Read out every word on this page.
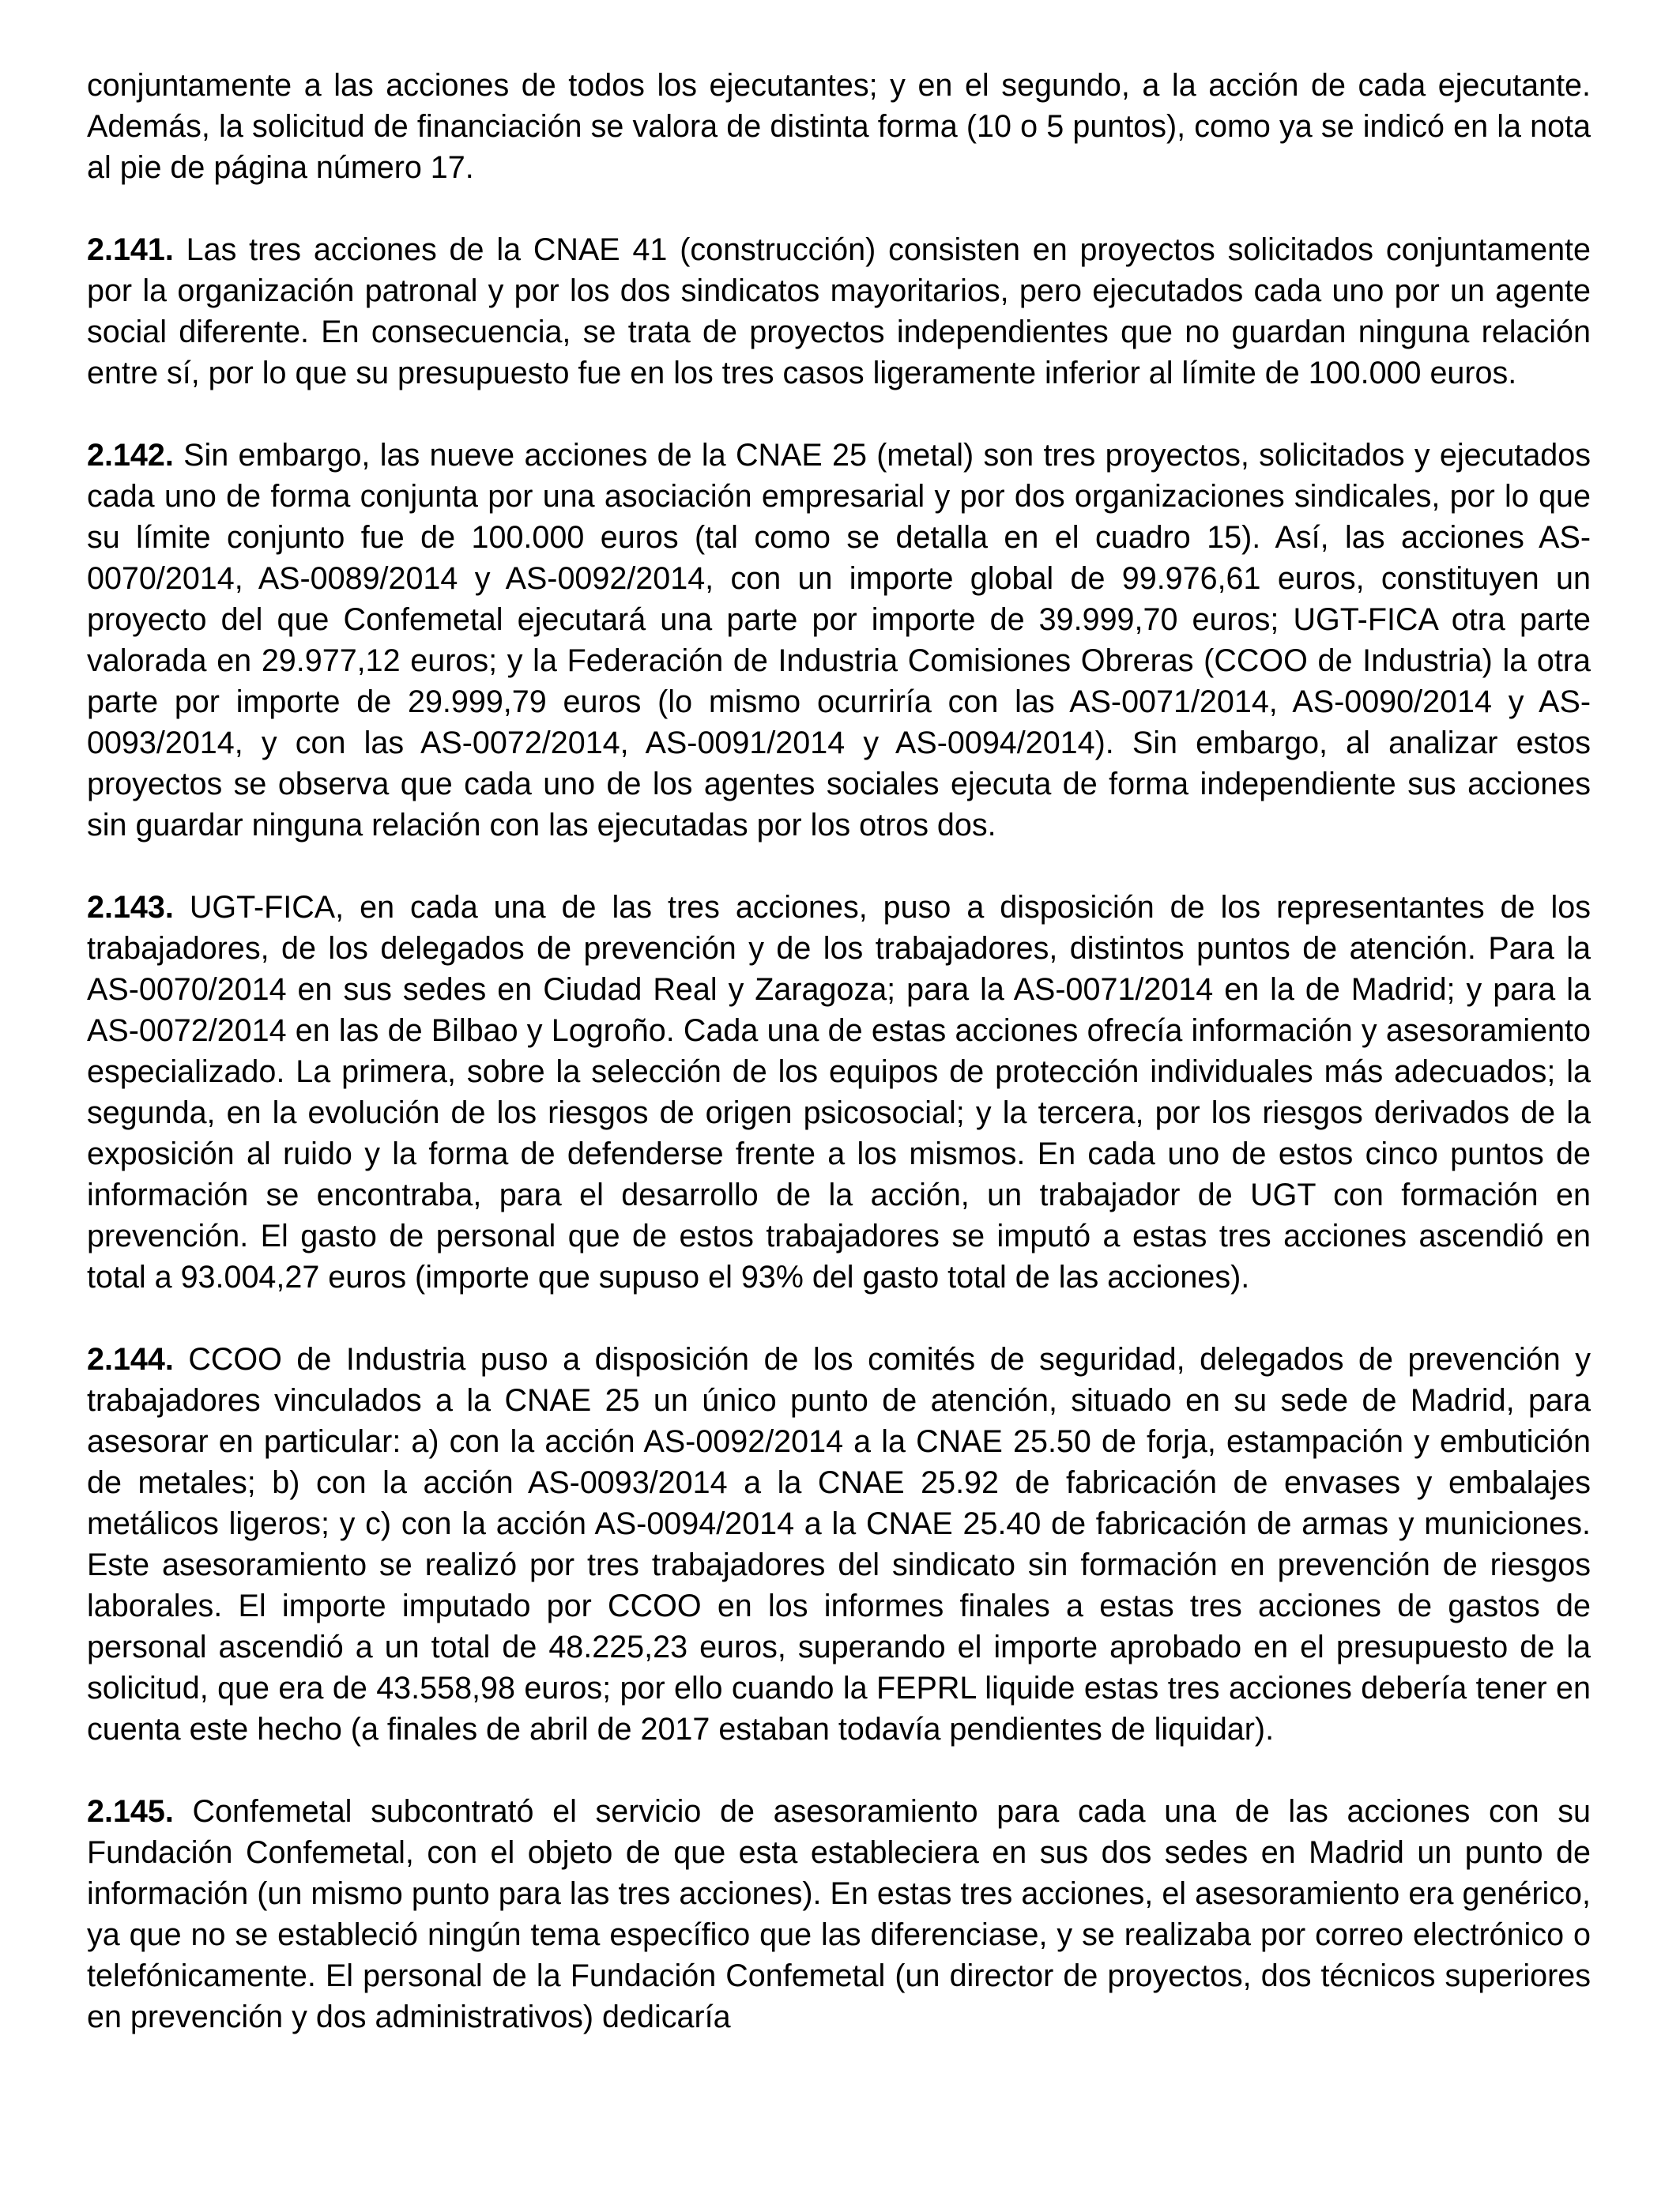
conjuntamente a las acciones de todos los ejecutantes; y en el segundo, a la acción de cada ejecutante. Además, la solicitud de financiación se valora de distinta forma (10 o 5 puntos), como ya se indicó en la nota al pie de página número 17.

2.141. Las tres acciones de la CNAE 41 (construcción) consisten en proyectos solicitados conjuntamente por la organización patronal y por los dos sindicatos mayoritarios, pero ejecutados cada uno por un agente social diferente. En consecuencia, se trata de proyectos independientes que no guardan ninguna relación entre sí, por lo que su presupuesto fue en los tres casos ligeramente inferior al límite de 100.000 euros.

2.142. Sin embargo, las nueve acciones de la CNAE 25 (metal) son tres proyectos, solicitados y ejecutados cada uno de forma conjunta por una asociación empresarial y por dos organizaciones sindicales, por lo que su límite conjunto fue de 100.000 euros (tal como se detalla en el cuadro 15). Así, las acciones AS-0070/2014, AS-0089/2014 y AS-0092/2014, con un importe global de 99.976,61 euros, constituyen un proyecto del que Confemetal ejecutará una parte por importe de 39.999,70 euros; UGT-FICA otra parte valorada en 29.977,12 euros; y la Federación de Industria Comisiones Obreras (CCOO de Industria) la otra parte por importe de 29.999,79 euros (lo mismo ocurriría con las AS-0071/2014, AS-0090/2014 y AS-0093/2014, y con las AS-0072/2014, AS-0091/2014 y AS-0094/2014). Sin embargo, al analizar estos proyectos se observa que cada uno de los agentes sociales ejecuta de forma independiente sus acciones sin guardar ninguna relación con las ejecutadas por los otros dos.

2.143. UGT-FICA, en cada una de las tres acciones, puso a disposición de los representantes de los trabajadores, de los delegados de prevención y de los trabajadores, distintos puntos de atención. Para la AS-0070/2014 en sus sedes en Ciudad Real y Zaragoza; para la AS-0071/2014 en la de Madrid; y para la AS-0072/2014 en las de Bilbao y Logroño. Cada una de estas acciones ofrecía información y asesoramiento especializado. La primera, sobre la selección de los equipos de protección individuales más adecuados; la segunda, en la evolución de los riesgos de origen psicosocial; y la tercera, por los riesgos derivados de la exposición al ruido y la forma de defenderse frente a los mismos. En cada uno de estos cinco puntos de información se encontraba, para el desarrollo de la acción, un trabajador de UGT con formación en prevención. El gasto de personal que de estos trabajadores se imputó a estas tres acciones ascendió en total a 93.004,27 euros (importe que supuso el 93% del gasto total de las acciones).

2.144. CCOO de Industria puso a disposición de los comités de seguridad, delegados de prevención y trabajadores vinculados a la CNAE 25 un único punto de atención, situado en su sede de Madrid, para asesorar en particular: a) con la acción AS-0092/2014 a la CNAE 25.50 de forja, estampación y embutición de metales; b) con la acción AS-0093/2014 a la CNAE 25.92 de fabricación de envases y embalajes metálicos ligeros; y c) con la acción AS-0094/2014 a la CNAE 25.40 de fabricación de armas y municiones. Este asesoramiento se realizó por tres trabajadores del sindicato sin formación en prevención de riesgos laborales. El importe imputado por CCOO en los informes finales a estas tres acciones de gastos de personal ascendió a un total de 48.225,23 euros, superando el importe aprobado en el presupuesto de la solicitud, que era de 43.558,98 euros; por ello cuando la FEPRL liquide estas tres acciones debería tener en cuenta este hecho (a finales de abril de 2017 estaban todavía pendientes de liquidar).

2.145. Confemetal subcontrató el servicio de asesoramiento para cada una de las acciones con su Fundación Confemetal, con el objeto de que esta estableciera en sus dos sedes en Madrid un punto de información (un mismo punto para las tres acciones). En estas tres acciones, el asesoramiento era genérico, ya que no se estableció ningún tema específico que las diferenciase, y se realizaba por correo electrónico o telefónicamente. El personal de la Fundación Confemetal (un director de proyectos, dos técnicos superiores en prevención y dos administrativos) dedicaría
